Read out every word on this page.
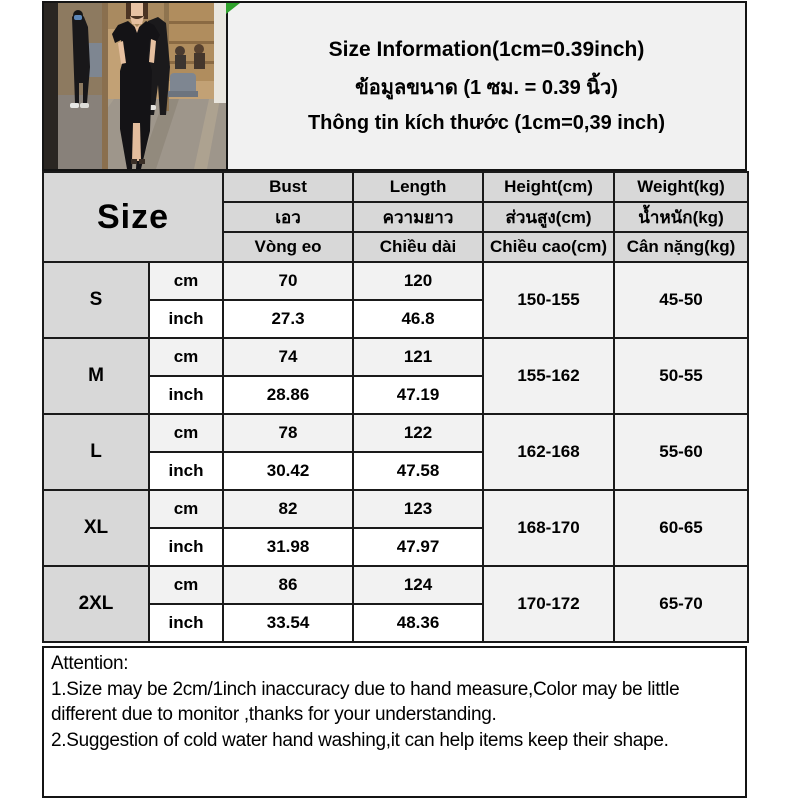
Size Information(1cm=0.39inch)
ข้อมูลขนาด (1 ซม. = 0.39 นิ้ว)
Thông tin kích thước (1cm=0,39 inch)
Size		Bust	Length	Height(cm)	Weight(kg)
		เอว	ความยาว	ส่วนสูง(cm)	น้ำหนัก(kg)
		Vòng eo	Chiều dài	Chiều cao(cm)	Cân nặng(kg)
S	cm	70	120	150-155	45-50
	inch	27.3	46.8		
M	cm	74	121	155-162	50-55
	inch	28.86	47.19		
L	cm	78	122	162-168	55-60
	inch	30.42	47.58		
XL	cm	82	123	168-170	60-65
	inch	31.98	47.97		
2XL	cm	86	124	170-172	65-70
	inch	33.54	48.36		
Attention:
1.Size may be 2cm/1inch inaccuracy due to hand measure,Color may be little different due to monitor ,thanks for your understanding.
2.Suggestion of cold water hand washing,it can help items keep their shape.
